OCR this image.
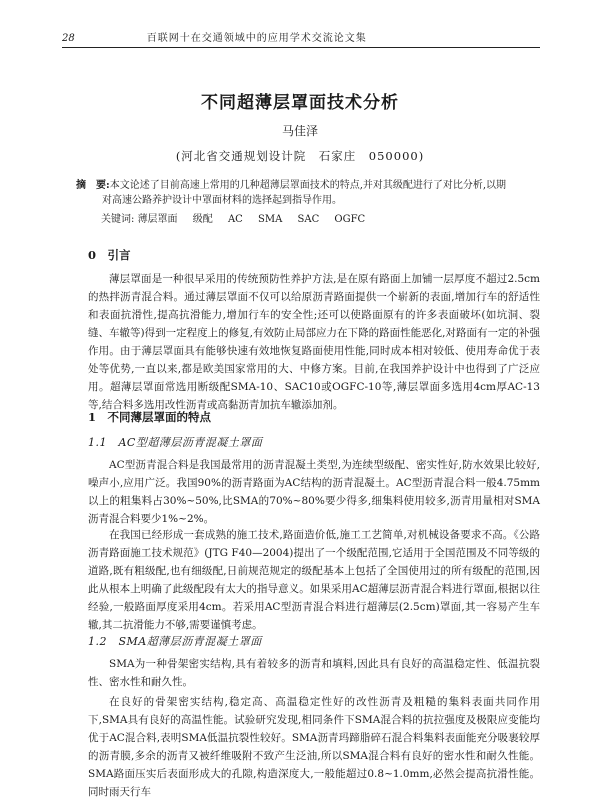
28	百联网十在交通领域中的应用学术交流论文集
不同超薄层罩面技术分析
马佳泽
(河北省交通规划设计院　石家庄　050000)
摘　要:本文论述了目前高速上常用的几种超薄层罩面技术的特点,并对其级配进行了对比分析,以期
对高速公路养护设计中罩面材料的选择起到指导作用。
关键词: 薄层罩面 级配 AC SMA SAC OGFC
0　引言
薄层罩面是一种很早采用的传统预防性养护方法,是在原有路面上加铺一层厚度不超过2.5cm的热拌沥青混合料。通过薄层罩面不仅可以给原沥青路面提供一个崭新的表面,增加行车的舒适性和表面抗滑性,提高抗滑能力,增加行车的安全性;还可以使路面原有的许多表面破坏(如坑洞、裂缝、车辙等)得到一定程度上的修复,有效防止局部应力在下降的路面性能恶化,对路面有一定的补强作用。由于薄层罩面具有能够快速有效地恢复路面使用性能,同时成本相对较低、使用寿命优于表处等优势,一直以来,都是欧美国家常用的大、中修方案。目前,在我国养护设计中也得到了广泛应用。超薄层罩面常选用断级配SMA-10、SAC10或OGFC-10等,薄层罩面多选用4cm厚AC-13等,结合料多选用改性沥青或高黏沥青加抗车辙添加剂。
1　不同薄层罩面的特点
1.1　AC型超薄层沥青混凝土罩面
AC型沥青混合料是我国最常用的沥青混凝土类型,为连续型级配、密实性好,防水效果比较好,噪声小,应用广泛。我国90%的沥青路面为AC结构的沥青混凝土。AC型沥青混合料一般4.75mm以上的粗集料占30%~50%,比SMA的70%~80%要少得多,细集料使用较多,沥青用量相对SMA沥青混合料要少1%~2%。
在我国已经形成一套成熟的施工技术,路面造价低,施工工艺简单,对机械设备要求不高。《公路沥青路面施工技术规范》(JTG F40—2004)提出了一个级配范围,它适用于全国范围及不同等级的道路,既有粗级配,也有细级配,日前规范规定的级配基本上包括了全国使用过的所有级配的范围,因此从根本上明确了此级配段有太大的指导意义。如果采用AC超薄层沥青混合料进行罩面,根据以往经验,一般路面厚度采用4cm。若采用AC型沥青混合料进行超薄层(2.5cm)罩面,其一容易产生车辙,其二抗滑能力不够,需要谨慎考虑。
1.2　SMA超薄层沥青混凝土罩面
SMA为一种骨架密实结构,具有着较多的沥青和填料,因此具有良好的高温稳定性、低温抗裂性、密水性和耐久性。
在良好的骨架密实结构,稳定高、高温稳定性好的改性沥青及粗糙的集料表面共同作用下,SMA具有良好的高温性能。试验研究发现,相同条件下SMA混合料的抗拉强度及极限应变能均优于AC混合料,表明SMA低温抗裂性较好。SMA沥青玛蹄脂碎石混合料集料表面能充分吸裹较厚的沥青膜,多余的沥青又被纤维吸附不致产生泛油,所以SMA混合料有良好的密水性和耐久性能。SMA路面压实后表面形成大的孔隙,构造深度大,一般能超过0.8~1.0mm,必然会提高抗滑性能。同时雨天行车
